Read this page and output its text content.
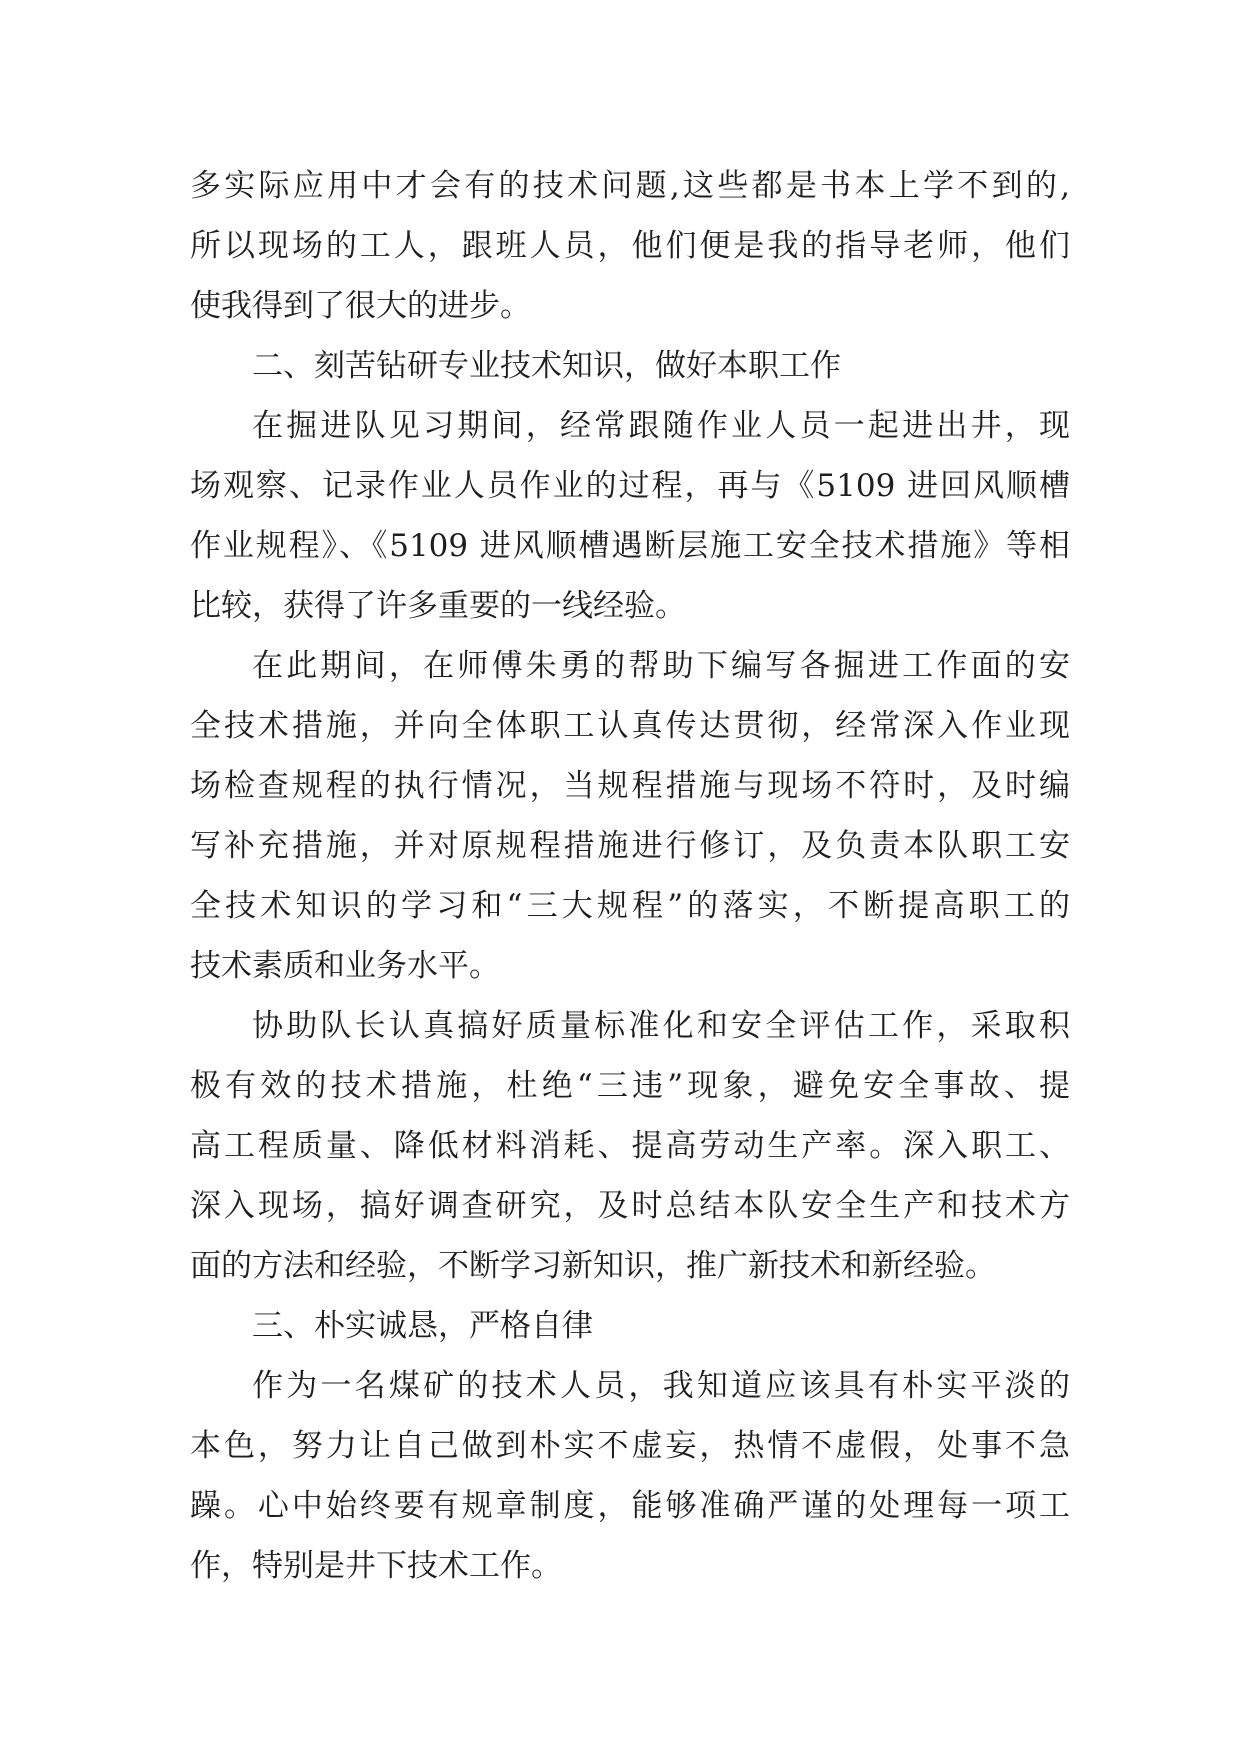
多实际应用中才会有的技术问题,这些都是书本上学不到的,
所以现场的工人，跟班人员，他们便是我的指导老师，他们
使我得到了很大的进步。
二、刻苦钻研专业技术知识，做好本职工作
在掘进队见习期间，经常跟随作业人员一起进出井，现
场观察、记录作业人员作业的过程，再与《5109 进回风顺槽
作业规程》、《5109 进风顺槽遇断层施工安全技术措施》等相
比较，获得了许多重要的一线经验。
在此期间，在师傅朱勇的帮助下编写各掘进工作面的安
全技术措施，并向全体职工认真传达贯彻，经常深入作业现
场检查规程的执行情况，当规程措施与现场不符时，及时编
写补充措施，并对原规程措施进行修订，及负责本队职工安
全技术知识的学习和“三大规程”的落实，不断提高职工的
技术素质和业务水平。
协助队长认真搞好质量标准化和安全评估工作，采取积
极有效的技术措施，杜绝“三违”现象，避免安全事故、提
高工程质量、降低材料消耗、提高劳动生产率。深入职工、
深入现场，搞好调查研究，及时总结本队安全生产和技术方
面的方法和经验，不断学习新知识，推广新技术和新经验。
三、朴实诚恳，严格自律
作为一名煤矿的技术人员，我知道应该具有朴实平淡的
本色，努力让自己做到朴实不虚妄，热情不虚假，处事不急
躁。心中始终要有规章制度，能够准确严谨的处理每一项工
作，特别是井下技术工作。
